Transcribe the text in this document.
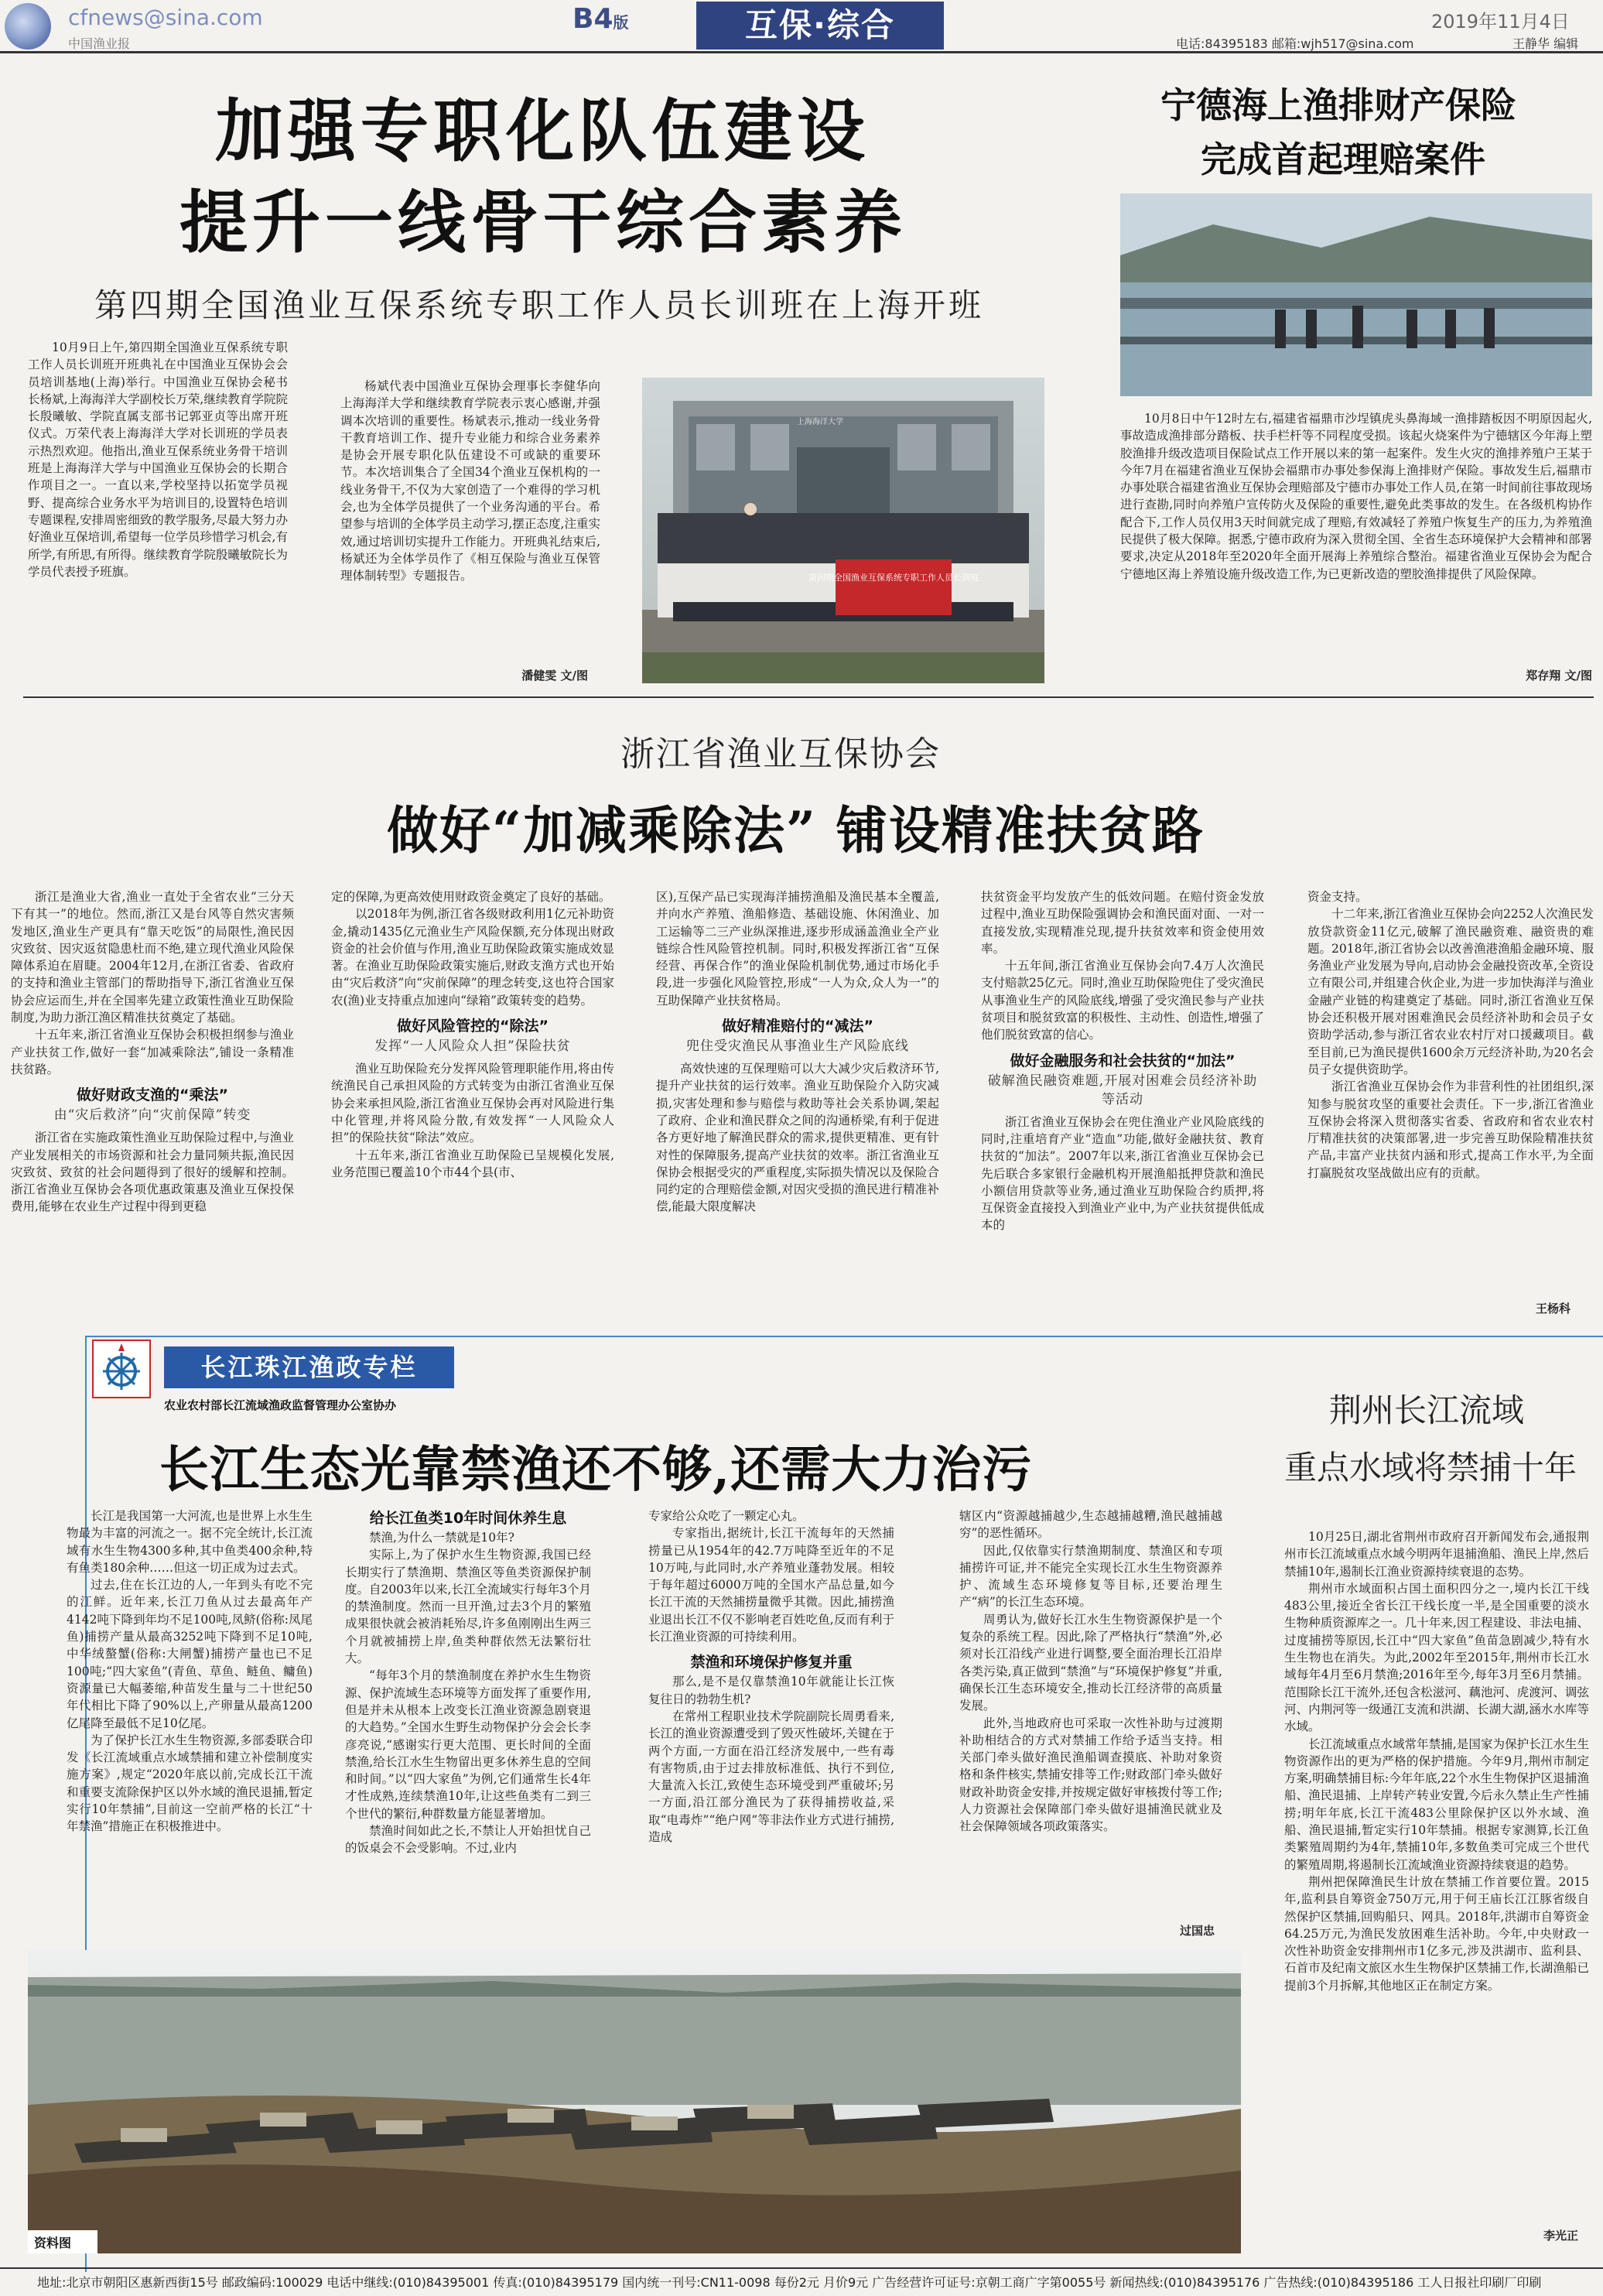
cfnews@sina.com
中国渔业报
B4版	互保·综合	2019年11月4日
电话:84395183 邮箱:wjh517@sina.com	王静华 编辑
加强专职化队伍建设
提升一线骨干综合素养
第四期全国渔业互保系统专职工作人员长训班在上海开班

10月9日上午,第四期全国渔业互保系统专职工作人员长训班开班典礼在中国渔业互保协会会员培训基地(上海)举行。中国渔业互保协会秘书长杨斌,上海海洋大学副校长万荣,继续教育学院院长殷曦敏、学院直属支部书记郭亚贞等出席开班仪式。万荣代表上海海洋大学对长训班的学员表示热烈欢迎。他指出,渔业互保系统业务骨干培训班是上海海洋大学与中国渔业互保协会的长期合作项目之一。一直以来,学校坚持以拓宽学员视野、提高综合业务水平为培训目的,设置特色培训专题课程,安排周密细致的教学服务,尽最大努力办好渔业互保培训,希望每一位学员珍惜学习机会,有所学,有所思,有所得。继续教育学院殷曦敏院长为学员代表授予班旗。

杨斌代表中国渔业互保协会理事长李健华向上海海洋大学和继续教育学院表示衷心感谢,并强调本次培训的重要性。杨斌表示,推动一线业务骨干教育培训工作、提升专业能力和综合业务素养是协会开展专职化队伍建设不可或缺的重要环节。本次培训集合了全国34个渔业互保机构的一线业务骨干,不仅为大家创造了一个难得的学习机会,也为全体学员提供了一个业务沟通的平台。希望参与培训的全体学员主动学习,摆正态度,注重实效,通过培训切实提升工作能力。开班典礼结束后,杨斌还为全体学员作了《相互保险与渔业互保管理体制转型》专题报告。

潘健雯 文/图
第四期全国渔业互保系统专职工作人员长训班
上海海洋大学
宁德海上渔排财产保险
完成首起理赔案件

10月8日中午12时左右,福建省福鼎市沙埕镇虎头鼻海域一渔排踏板因不明原因起火,事故造成渔排部分踏板、扶手栏杆等不同程度受损。该起火烧案件为宁德辖区今年海上塑胶渔排升级改造项目保险试点工作开展以来的第一起案件。发生火灾的渔排养殖户王某于今年7月在福建省渔业互保协会福鼎市办事处参保海上渔排财产保险。事故发生后,福鼎市办事处联合福建省渔业互保协会理赔部及宁德市办事处工作人员,在第一时间前往事故现场进行查勘,同时向养殖户宣传防火及保险的重要性,避免此类事故的发生。在各级机构协作配合下,工作人员仅用3天时间就完成了理赔,有效减轻了养殖户恢复生产的压力,为养殖渔民提供了极大保障。据悉,宁德市政府为深入贯彻全国、全省生态环境保护大会精神和部署要求,决定从2018年至2020年全面开展海上养殖综合整治。福建省渔业互保协会为配合宁德地区海上养殖设施升级改造工作,为已更新改造的塑胶渔排提供了风险保障。

郑存翔 文/图
浙江省渔业互保协会
做好“加减乘除法” 铺设精准扶贫路

浙江是渔业大省,渔业一直处于全省农业“三分天下有其一”的地位。然而,浙江又是台风等自然灾害频发地区,渔业生产更具有“靠天吃饭”的局限性,渔民因灾致贫、因灾返贫隐患杜而不绝,建立现代渔业风险保障体系迫在眉睫。2004年12月,在浙江省委、省政府的支持和渔业主管部门的帮助指导下,浙江省渔业互保协会应运而生,并在全国率先建立政策性渔业互助保险制度,为助力浙江渔区精准扶贫奠定了基础。

十五年来,浙江省渔业互保协会积极担纲参与渔业产业扶贫工作,做好一套“加减乘除法”,铺设一条精准扶贫路。

做好财政支渔的“乘法”
由“灾后救济”向“灾前保障”转变

浙江省在实施政策性渔业互助保险过程中,与渔业产业发展相关的市场资源和社会力量同频共振,渔民因灾致贫、致贫的社会问题得到了很好的缓解和控制。浙江省渔业互保协会各项优惠政策惠及渔业互保投保费用,能够在农业生产过程中得到更稳

定的保障,为更高效使用财政资金奠定了良好的基础。

以2018年为例,浙江省各级财政利用1亿元补助资金,撬动1435亿元渔业生产风险保额,充分体现出财政资金的社会价值与作用,渔业互助保险政策实施成效显著。在渔业互助保险政策实施后,财政支渔方式也开始由“灾后救济”向“灾前保障”的理念转变,这也符合国家农(渔)业支持重点加速向“绿箱”政策转变的趋势。

做好风险管控的“除法”
发挥“一人风险众人担”保险扶贫

渔业互助保险充分发挥风险管理职能作用,将由传统渔民自己承担风险的方式转变为由浙江省渔业互保协会来承担风险,浙江省渔业互保协会再对风险进行集中化管理,并将风险分散,有效发挥“一人风险众人担”的保险扶贫“除法”效应。

十五年来,浙江省渔业互助保险已呈规模化发展,业务范围已覆盖10个市44个县(市、

区),互保产品已实现海洋捕捞渔船及渔民基本全覆盖,并向水产养殖、渔船修造、基础设施、休闲渔业、加工运输等二三产业纵深推进,逐步形成涵盖渔业全产业链综合性风险管控机制。同时,积极发挥浙江省“互保经营、再保合作”的渔业保险机制优势,通过市场化手段,进一步强化风险管控,形成“一人为众,众人为一”的互助保障产业扶贫格局。

做好精准赔付的“减法”
兜住受灾渔民从事渔业生产风险底线

高效快速的互保理赔可以大大减少灾后救济环节,提升产业扶贫的运行效率。渔业互助保险介入防灾减损,灾害处理和参与赔偿与救助等社会关系协调,架起了政府、企业和渔民群众之间的沟通桥梁,有利于促进各方更好地了解渔民群众的需求,提供更精准、更有针对性的保障服务,提高产业扶贫的效率。浙江省渔业互保协会根据受灾的严重程度,实际损失情况以及保险合同约定的合理赔偿金额,对因灾受损的渔民进行精准补偿,能最大限度解决

扶贫资金平均发放产生的低效问题。在赔付资金发放过程中,渔业互助保险强调协会和渔民面对面、一对一直接发放,实现精准兑现,提升扶贫效率和资金使用效率。

十五年间,浙江省渔业互保协会向7.4万人次渔民支付赔款25亿元。同时,渔业互助保险兜住了受灾渔民从事渔业生产的风险底线,增强了受灾渔民参与产业扶贫项目和脱贫致富的积极性、主动性、创造性,增强了他们脱贫致富的信心。

做好金融服务和社会扶贫的“加法”
破解渔民融资难题,开展对困难会员经济补助等活动

浙江省渔业互保协会在兜住渔业产业风险底线的同时,注重培育产业“造血”功能,做好金融扶贫、教育扶贫的“加法”。2007年以来,浙江省渔业互保协会已先后联合多家银行金融机构开展渔船抵押贷款和渔民小额信用贷款等业务,通过渔业互助保险合约质押,将互保资金直接投入到渔业产业中,为产业扶贫提供低成本的

资金支持。

十二年来,浙江省渔业互保协会向2252人次渔民发放贷款资金11亿元,破解了渔民融资难、融资贵的难题。2018年,浙江省协会以改善渔港渔船金融环境、服务渔业产业发展为导向,启动协会金融投资改革,全资设立有限公司,并组建合伙企业,为进一步加快海洋与渔业金融产业链的构建奠定了基础。同时,浙江省渔业互保协会还积极开展对困难渔民会员经济补助和会员子女资助学活动,参与浙江省农业农村厅对口援藏项目。截至目前,已为渔民提供1600余万元经济补助,为20名会员子女提供资助学。

浙江省渔业互保协会作为非营利性的社团组织,深知参与脱贫攻坚的重要社会责任。下一步,浙江省渔业互保协会将深入贯彻落实省委、省政府和省农业农村厅精准扶贫的决策部署,进一步完善互助保险精准扶贫产品,丰富产业扶贫内涵和形式,提高工作水平,为全面打赢脱贫攻坚战做出应有的贡献。

王杨科
长江珠江渔政专栏
农业农村部长江流域渔政监督管理办公室协办
长江生态光靠禁渔还不够,还需大力治污

长江是我国第一大河流,也是世界上水生生物最为丰富的河流之一。据不完全统计,长江流域有水生生物4300多种,其中鱼类400余种,特有鱼类180余种……但这一切正成为过去式。

过去,住在长江边的人,一年到头有吃不完的江鲜。近年来,长江刀鱼从过去最高年产4142吨下降到年均不足100吨,凤鲚(俗称:凤尾鱼)捕捞产量从最高3252吨下降到不足10吨,中华绒螯蟹(俗称:大闸蟹)捕捞产量也已不足100吨;“四大家鱼”(青鱼、草鱼、鲢鱼、鳙鱼)资源量已大幅萎缩,种苗发生量与二十世纪50年代相比下降了90%以上,产卵量从最高1200亿尾降至最低不足10亿尾。

为了保护长江水生生物资源,多部委联合印发《长江流域重点水域禁捕和建立补偿制度实施方案》,规定“2020年底以前,完成长江干流和重要支流除保护区以外水域的渔民退捕,暂定实行10年禁捕”,目前这一空前严格的长江“十年禁渔”措施正在积极推进中。

给长江鱼类10年时间休养生息

禁渔,为什么一禁就是10年?

实际上,为了保护水生生物资源,我国已经长期实行了禁渔期、禁渔区等鱼类资源保护制度。自2003年以来,长江全流域实行每年3个月的禁渔制度。然而一旦开渔,过去3个月的繁殖成果很快就会被消耗殆尽,许多鱼刚刚出生两三个月就被捕捞上岸,鱼类种群依然无法繁衍壮大。

“每年3个月的禁渔制度在养护水生生物资源、保护流域生态环境等方面发挥了重要作用,但是并未从根本上改变长江渔业资源急剧衰退的大趋势。”全国水生野生动物保护分会会长李彦亮说,“感谢实行更大范围、更长时间的全面禁渔,给长江水生生物留出更多休养生息的空间和时间。”以“四大家鱼”为例,它们通常生长4年才性成熟,连续禁渔10年,让这些鱼类有二到三个世代的繁衍,种群数量方能显著增加。

禁渔时间如此之长,不禁让人开始担忧自己的饭桌会不会受影响。不过,业内

专家给公众吃了一颗定心丸。

专家指出,据统计,长江干流每年的天然捕捞量已从1954年的42.7万吨降至近年的不足10万吨,与此同时,水产养殖业蓬勃发展。相较于每年超过6000万吨的全国水产品总量,如今长江干流的天然捕捞量微乎其微。因此,捕捞渔业退出长江不仅不影响老百姓吃鱼,反而有利于长江渔业资源的可持续利用。

禁渔和环境保护修复并重

那么,是不是仅靠禁渔10年就能让长江恢复往日的勃勃生机?

在常州工程职业技术学院副院长周勇看来,长江的渔业资源遭受到了毁灭性破坏,关键在于两个方面,一方面在沿江经济发展中,一些有毒有害物质,由于过去排放标准低、执行不到位,大量流入长江,致使生态环境受到严重破坏;另一方面,沿江部分渔民为了获得捕捞收益,采取“电毒炸”“绝户网”等非法作业方式进行捕捞,造成

辖区内“资源越捕越少,生态越捕越糟,渔民越捕越穷”的恶性循环。

因此,仅依靠实行禁渔期制度、禁渔区和专项捕捞许可证,并不能完全实现长江水生生物资源养护、流域生态环境修复等目标,还要治理生产“病”的长江生态环境。

周勇认为,做好长江水生生物资源保护是一个复杂的系统工程。因此,除了严格执行“禁渔”外,必须对长江沿线产业进行调整,要全面治理长江沿岸各类污染,真正做到“禁渔”与“环境保护修复”并重,确保长江生态环境安全,推动长江经济带的高质量发展。

此外,当地政府也可采取一次性补助与过渡期补助相结合的方式对禁捕工作给予适当支持。相关部门牵头做好渔民渔船调查摸底、补助对象资格和条件核实,禁捕安排等工作;财政部门牵头做好财政补助资金安排,并按规定做好审核拨付等工作;人力资源社会保障部门牵头做好退捕渔民就业及社会保障领域各项政策落实。

过国忠
资料图
荆州长江流域
重点水域将禁捕十年

10月25日,湖北省荆州市政府召开新闻发布会,通报荆州市长江流域重点水域今明两年退捕渔船、渔民上岸,然后禁捕10年,遏制长江渔业资源持续衰退的态势。

荆州市水域面积占国土面积四分之一,境内长江干线483公里,接近全省长江干线长度一半,是全国重要的淡水生物种质资源库之一。几十年来,因工程建设、非法电捕、过度捕捞等原因,长江中“四大家鱼”鱼苗急剧减少,特有水生生物也在消失。为此,2002年至2015年,荆州市长江水域每年4月至6月禁渔;2016年至今,每年3月至6月禁捕。范围除长江干流外,还包含松滋河、藕池河、虎渡河、调弦河、内荆河等一级通江支流和洪湖、长湖大湖,涵水水库等水域。

长江流域重点水域常年禁捕,是国家为保护长江水生生物资源作出的更为严格的保护措施。今年9月,荆州市制定方案,明确禁捕目标:今年年底,22个水生生物保护区退捕渔船、渔民退捕、上岸转产转业安置,今后永久禁止生产性捕捞;明年年底,长江干流483公里除保护区以外水域、渔船、渔民退捕,暂定实行10年禁捕。根据专家测算,长江鱼类繁殖周期约为4年,禁捕10年,多数鱼类可完成三个世代的繁殖周期,将遏制长江流域渔业资源持续衰退的趋势。

荆州把保障渔民生计放在禁捕工作首要位置。2015年,监利县自筹资金750万元,用于何王庙长江江豚省级自然保护区禁捕,回购船只、网具。2018年,洪湖市自筹资金64.25万元,为渔民发放困难生活补助。今年,中央财政一次性补助资金安排荆州市1亿多元,涉及洪湖市、监利县、石首市及纪南文旅区水生生物保护区禁捕工作,长湖渔船已提前3个月拆解,其他地区正在制定方案。

李光正
地址:北京市朝阳区惠新西街15号 邮政编码:100029 电话中继线:(010)84395001 传真:(010)84395179 国内统一刊号:CN11-0098 每份2元 月价9元 广告经营许可证号:京朝工商广字第0055号 新闻热线:(010)84395176 广告热线:(010)84395186 工人日报社印刷厂印刷
